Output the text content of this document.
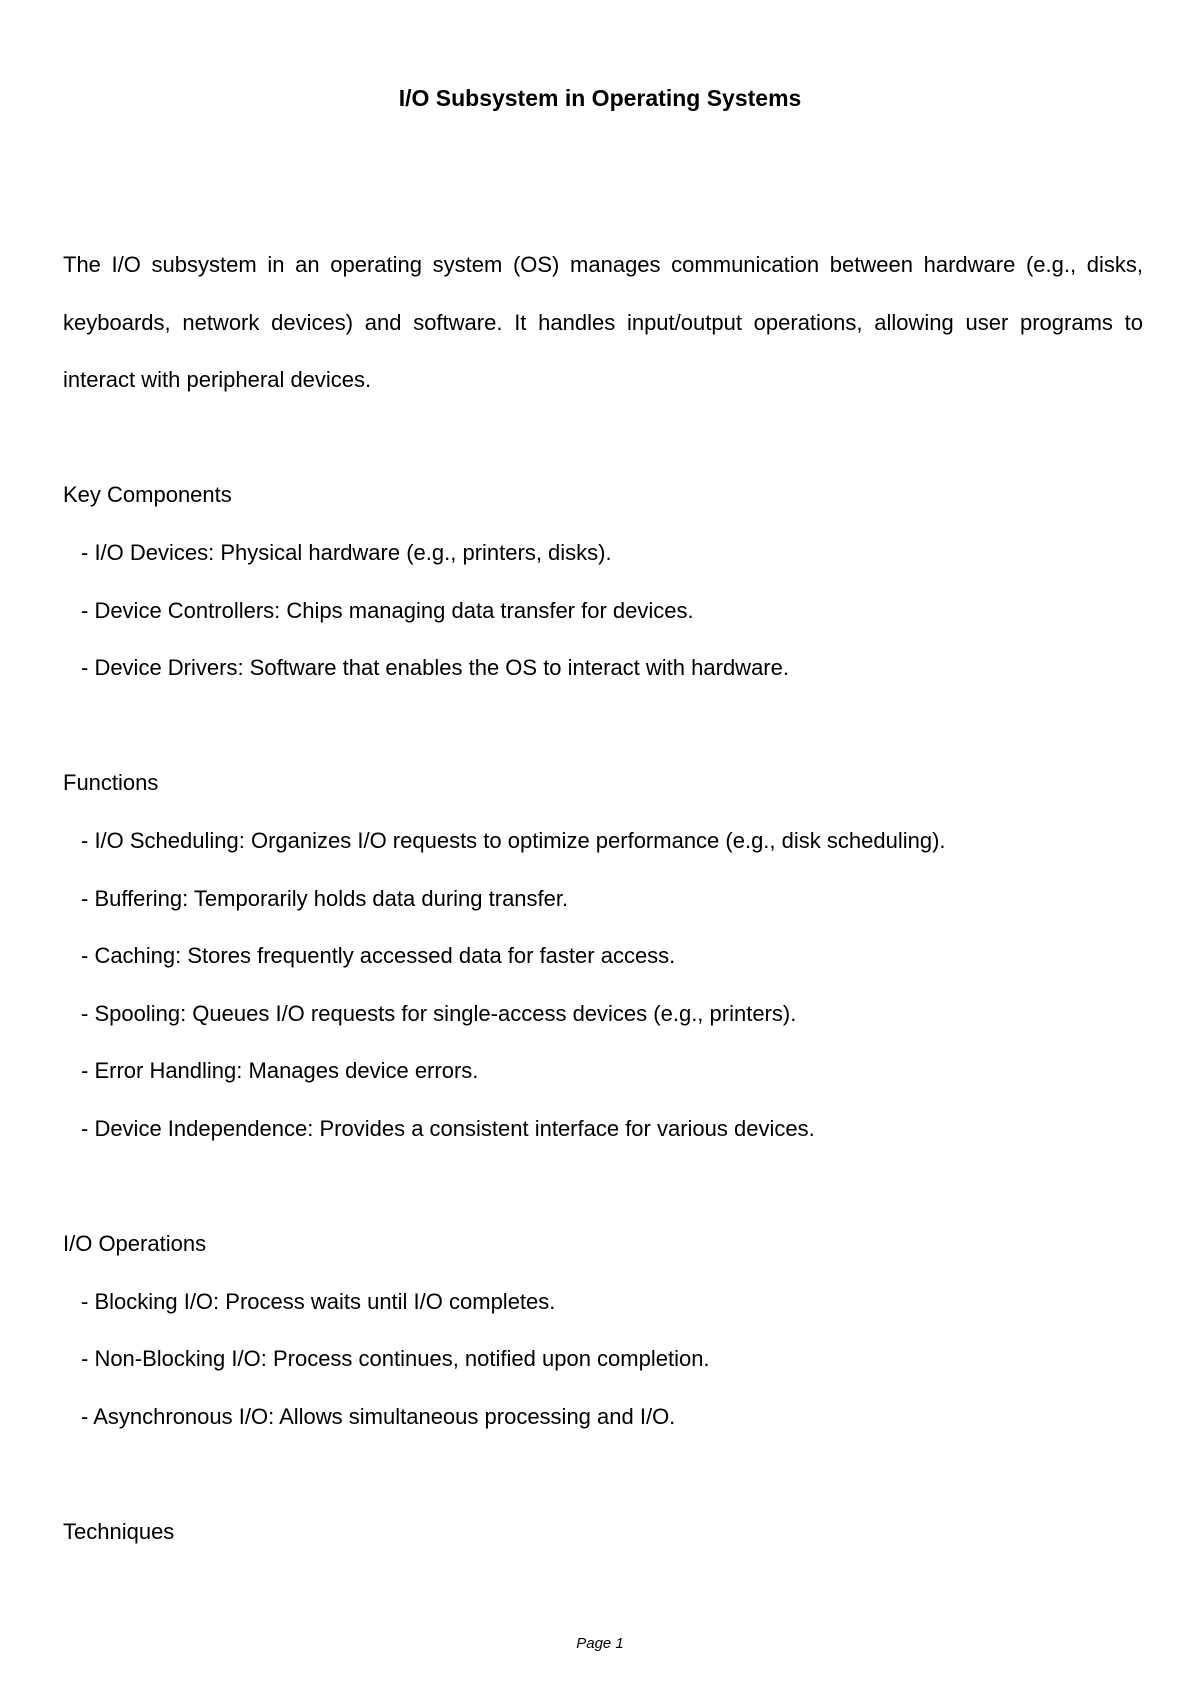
I/O Subsystem in Operating Systems

The I/O subsystem in an operating system (OS) manages communication between hardware (e.g., disks, keyboards, network devices) and software. It handles input/output operations, allowing user programs to interact with peripheral devices.

Key Components
- I/O Devices: Physical hardware (e.g., printers, disks).
- Device Controllers: Chips managing data transfer for devices.
- Device Drivers: Software that enables the OS to interact with hardware.
Functions
- I/O Scheduling: Organizes I/O requests to optimize performance (e.g., disk scheduling).
- Buffering: Temporarily holds data during transfer.
- Caching: Stores frequently accessed data for faster access.
- Spooling: Queues I/O requests for single-access devices (e.g., printers).
- Error Handling: Manages device errors.
- Device Independence: Provides a consistent interface for various devices.
I/O Operations
- Blocking I/O: Process waits until I/O completes.
- Non-Blocking I/O: Process continues, notified upon completion.
- Asynchronous I/O: Allows simultaneous processing and I/O.
Techniques
Page 1
